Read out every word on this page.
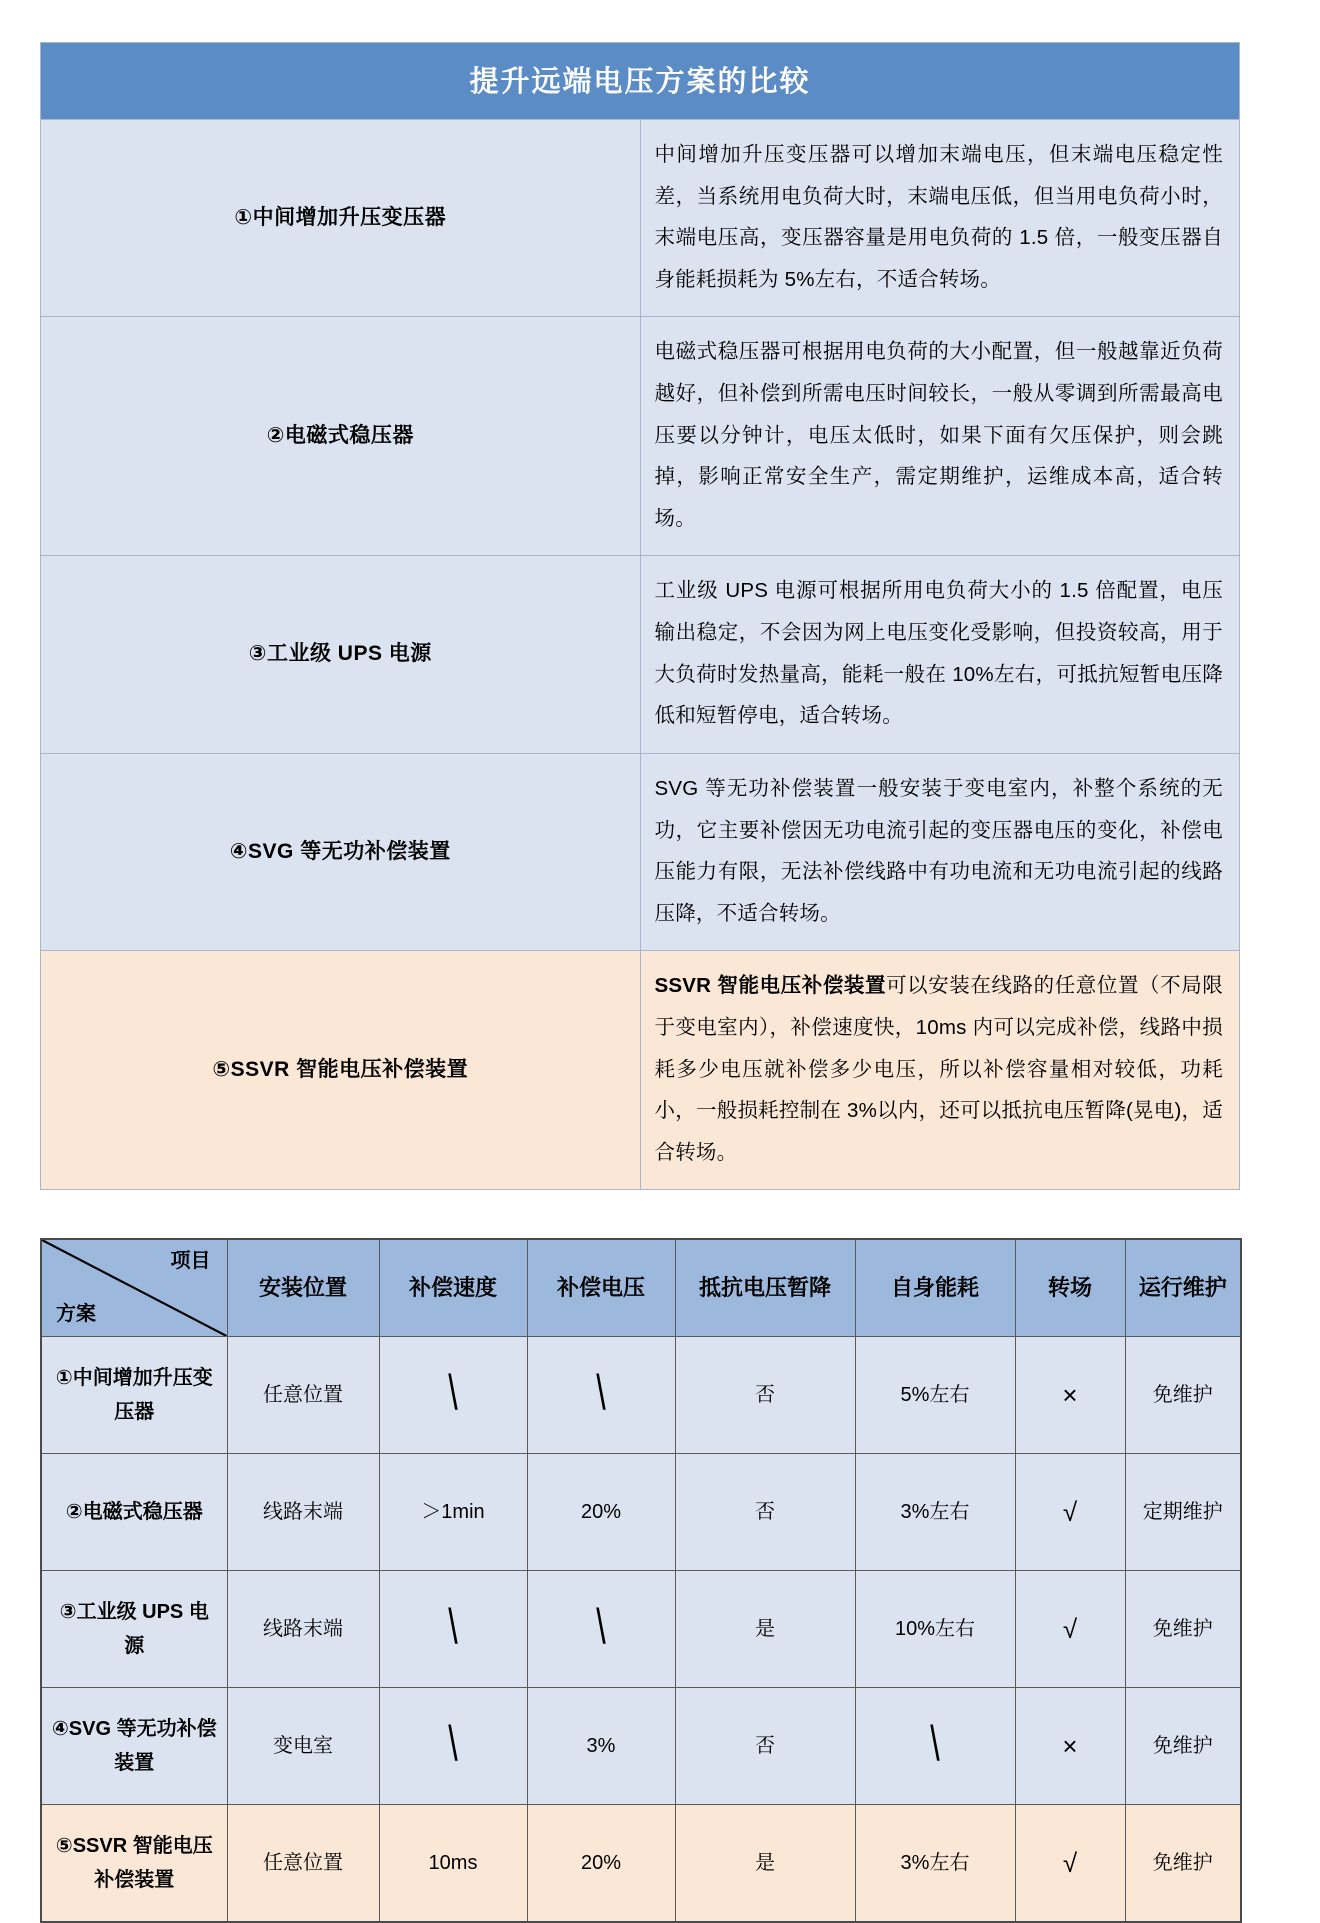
提升远端电压方案的比较	
①中间增加升压变压器	中间增加升压变压器可以增加末端电压，但末端电压稳定性差，当系统用电负荷大时，末端电压低，但当用电负荷小时，末端电压高，变压器容量是用电负荷的 1.5 倍，一般变压器自身能耗损耗为 5%左右，不适合转场。
②电磁式稳压器	电磁式稳压器可根据用电负荷的大小配置，但一般越靠近负荷越好，但补偿到所需电压时间较长，一般从零调到所需最高电压要以分钟计，电压太低时，如果下面有欠压保护，则会跳掉，影响正常安全生产，需定期维护，运维成本高，适合转场。
③工业级 UPS 电源	工业级 UPS 电源可根据所用电负荷大小的 1.5 倍配置，电压输出稳定，不会因为网上电压变化受影响，但投资较高，用于大负荷时发热量高，能耗一般在 10%左右，可抵抗短暂电压降低和短暂停电，适合转场。
④SVG 等无功补偿装置	SVG 等无功补偿装置一般安装于变电室内，补整个系统的无功，它主要补偿因无功电流引起的变压器电压的变化，补偿电压能力有限，无法补偿线路中有功电流和无功电流引起的线路压降，不适合转场。
⑤SSVR 智能电压补偿装置	SSVR 智能电压补偿装置可以安装在线路的任意位置（不局限于变电室内），补偿速度快，10ms 内可以完成补偿，线路中损耗多少电压就补偿多少电压，所以补偿容量相对较低，功耗小，一般损耗控制在 3%以内，还可以抵抗电压暂降(晃电)，适合转场。
项目
方案	安装位置	补偿速度	补偿电压	抵抗电压暂降	自身能耗	转场	运行维护
①中间增加升压变压器	任意位置	\	\	否	5%左右	×	免维护
②电磁式稳压器	线路末端	＞1min	20%	否	3%左右	√	定期维护
③工业级 UPS 电源	线路末端	\	\	是	10%左右	√	免维护
④SVG 等无功补偿装置	变电室	\	3%	否	\	×	免维护
⑤SSVR 智能电压补偿装置	任意位置	10ms	20%	是	3%左右	√	免维护
